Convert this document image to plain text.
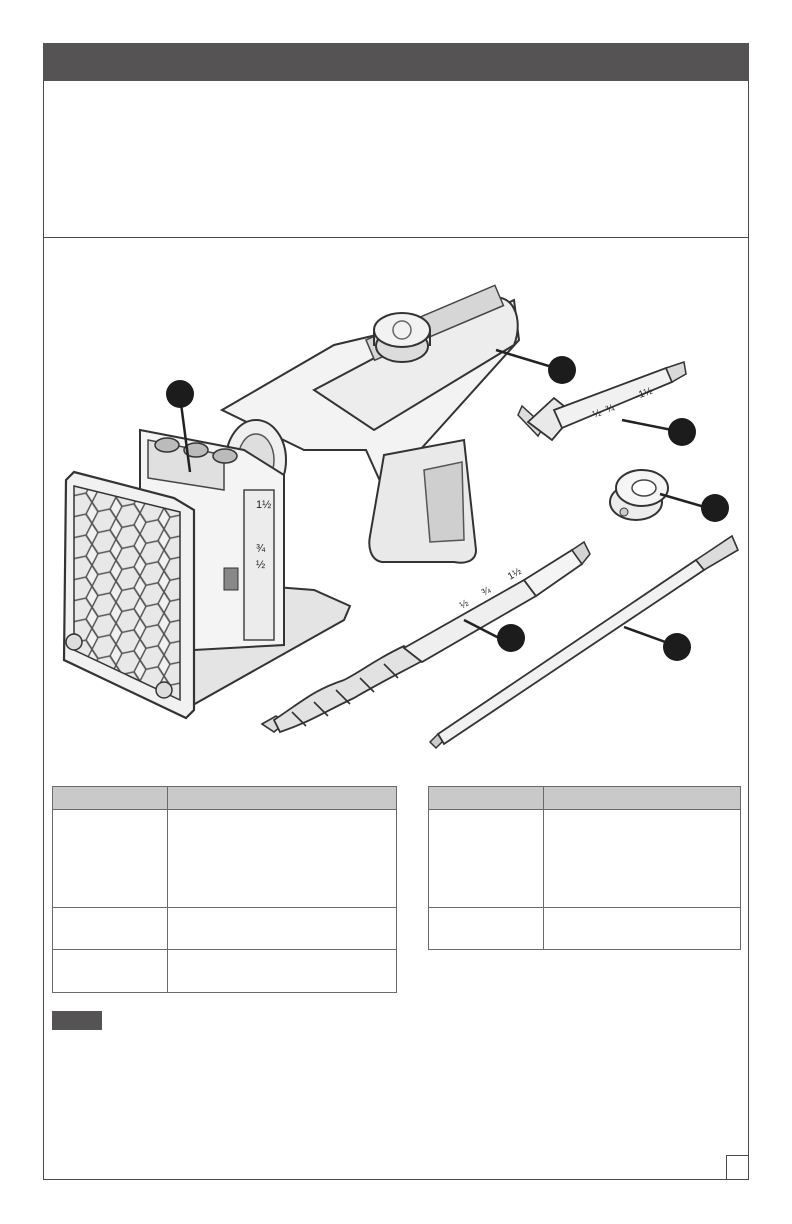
1½
¾
½
½ ¾
1½
½
¾
1½
